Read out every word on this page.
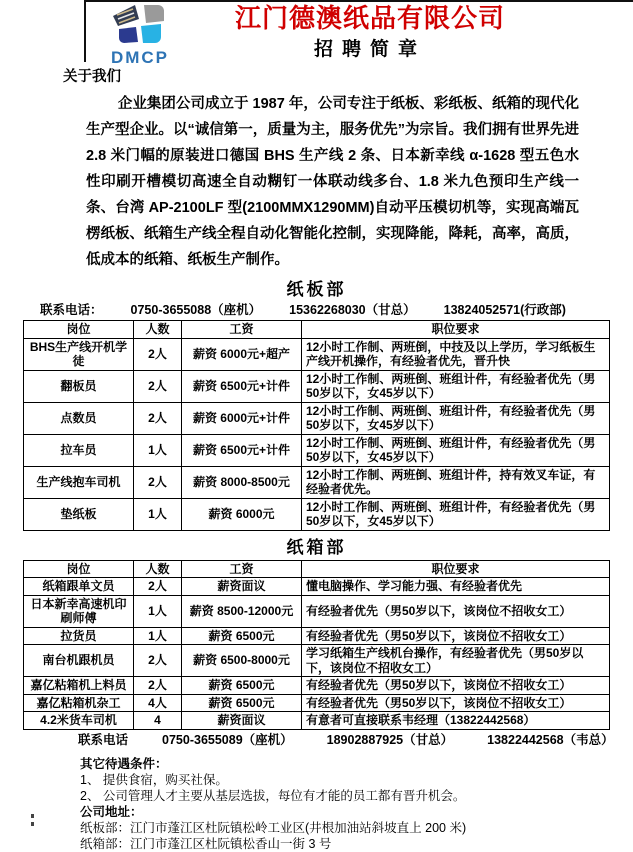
DMCP
江门德澳纸品有限公司
招聘简章
关于我们

企业集团公司成立于 1987 年，公司专注于纸板、彩纸板、纸箱的现代化生产型企业。以“诚信第一，质量为主，服务优先”为宗旨。我们拥有世界先进 2.8 米门幅的原装进口德国 BHS 生产线 2 条、日本新幸线 α-1628 型五色水性印刷开槽模切高速全自动糊钉一体联动线多台、1.8 米九色预印生产线一条、台湾 AP-2100LF 型(2100MMX1290MM)自动平压模切机等，实现高端瓦楞纸板、纸箱生产线全程自动化智能化控制，实现降能，降耗，高率，高质，低成本的纸箱、纸板生产制作。

纸板部
联系电话： 0750-3655088（座机） 15362268030（甘总） 13824052571(行政部)
岗位	人数	工资	职位要求
BHS生产线开机学徒	2人	薪资 6000元+超产	12小时工作制、两班倒，中技及以上学历，学习纸板生产线开机操作，有经验者优先，晋升快
翻板员	2人	薪资 6500元+计件	12小时工作制、两班倒、班组计件，有经验者优先（男50岁以下，女45岁以下）
点数员	2人	薪资 6000元+计件	12小时工作制、两班倒、班组计件，有经验者优先（男50岁以下，女45岁以下）
拉车员	1人	薪资 6500元+计件	12小时工作制、两班倒、班组计件，有经验者优先（男50岁以下，女45岁以下）
生产线抱车司机	2人	薪资 8000-8500元	12小时工作制、两班倒、班组计件，持有效叉车证，有经验者优先。
垫纸板	1人	薪资 6000元	12小时工作制、两班倒、班组计件，有经验者优先（男50岁以下，女45岁以下）
纸箱部
岗位	人数	工资	职位要求
纸箱跟单文员	2人	薪资面议	懂电脑操作、学习能力强、有经验者优先
日本新幸高速机印刷师傅	1人	薪资 8500-12000元	有经验者优先（男50岁以下，该岗位不招收女工）
拉货员	1人	薪资 6500元	有经验者优先（男50岁以下，该岗位不招收女工）
南台机跟机员	2人	薪资 6500-8000元	学习纸箱生产线机台操作，有经验者优先（男50岁以下，该岗位不招收女工）
嘉亿粘箱机上料员	2人	薪资 6500元	有经验者优先（男50岁以下，该岗位不招收女工）
嘉亿粘箱机杂工	4人	薪资 6500元	有经验者优先（男50岁以下，该岗位不招收女工）
4.2米货车司机	4	薪资面议	有意者可直接联系韦经理（13822442568）
联系电话	0750-3655089（座机）	18902887925（甘总）	13822442568（韦总）
其它待遇条件：
1、 提供食宿，购买社保。
2、 公司管理人才主要从基层选拔，每位有才能的员工都有晋升机会。
公司地址：
纸板部：江门市蓬江区杜阮镇松岭工业区(井根加油站斜坡直上 200 米)
纸箱部：江门市蓬江区杜阮镇松香山一街 3 号
